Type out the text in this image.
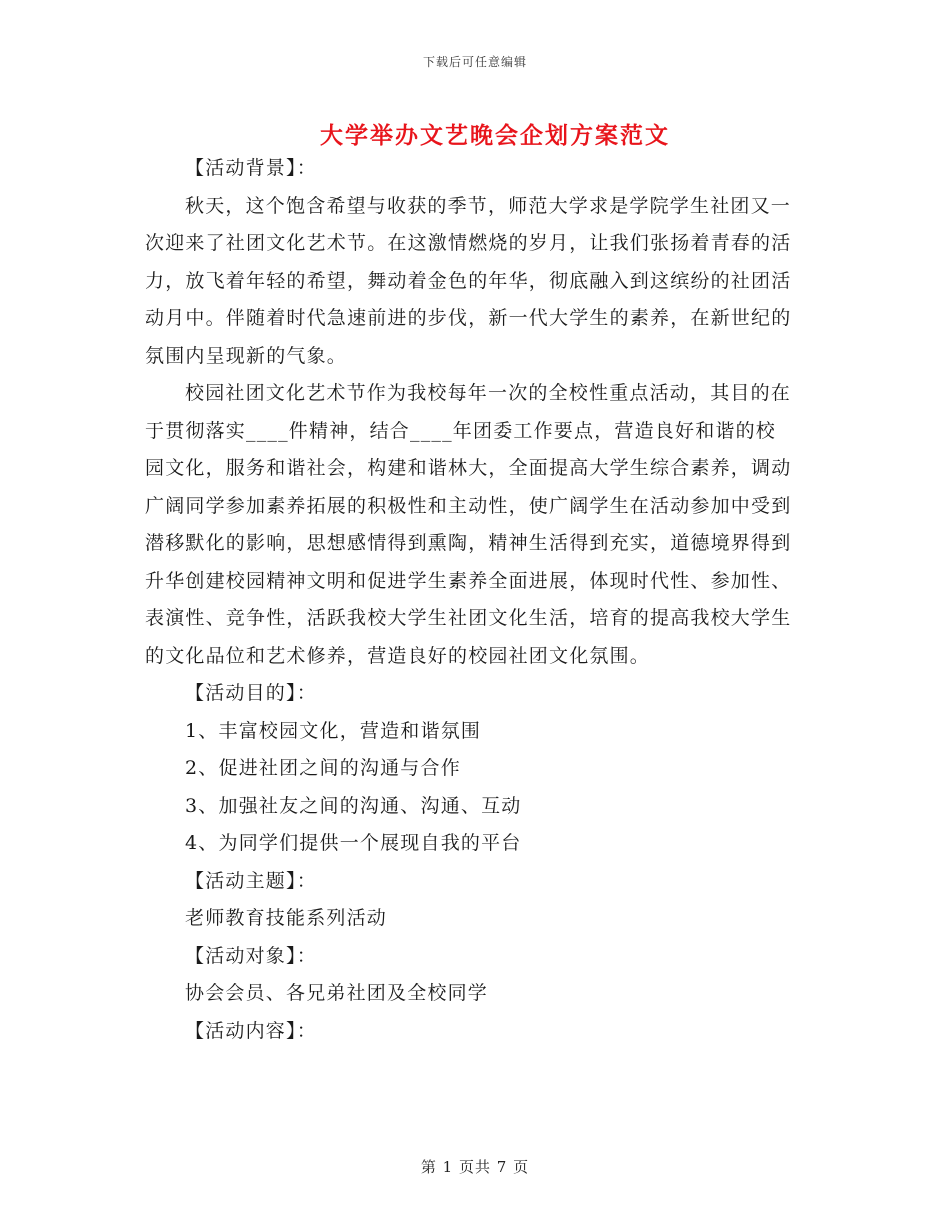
下载后可任意编辑
大学举办文艺晚会企划方案范文

【活动背景】：

秋天，这个饱含希望与收获的季节，师范大学求是学院学生社团又一次迎来了社团文化艺术节。在这激情燃烧的岁月，让我们张扬着青春的活力，放飞着年轻的希望，舞动着金色的年华，彻底融入到这缤纷的社团活动月中。伴随着时代急速前进的步伐，新一代大学生的素养，在新世纪的氛围内呈现新的气象。

校园社团文化艺术节作为我校每年一次的全校性重点活动，其目的在于贯彻落实____件精神，结合____年团委工作要点，营造良好和谐的校园文化，服务和谐社会，构建和谐林大，全面提高大学生综合素养，调动广阔同学参加素养拓展的积极性和主动性，使广阔学生在活动参加中受到潜移默化的影响，思想感情得到熏陶，精神生活得到充实，道德境界得到升华创建校园精神文明和促进学生素养全面进展，体现时代性、参加性、表演性、竞争性，活跃我校大学生社团文化生活，培育的提高我校大学生的文化品位和艺术修养，营造良好的校园社团文化氛围。

【活动目的】：

1、丰富校园文化，营造和谐氛围

2、促进社团之间的沟通与合作

3、加强社友之间的沟通、沟通、互动

4、为同学们提供一个展现自我的平台

【活动主题】：

老师教育技能系列活动

【活动对象】：

协会会员、各兄弟社团及全校同学

【活动内容】：

第 1 页共 7 页
